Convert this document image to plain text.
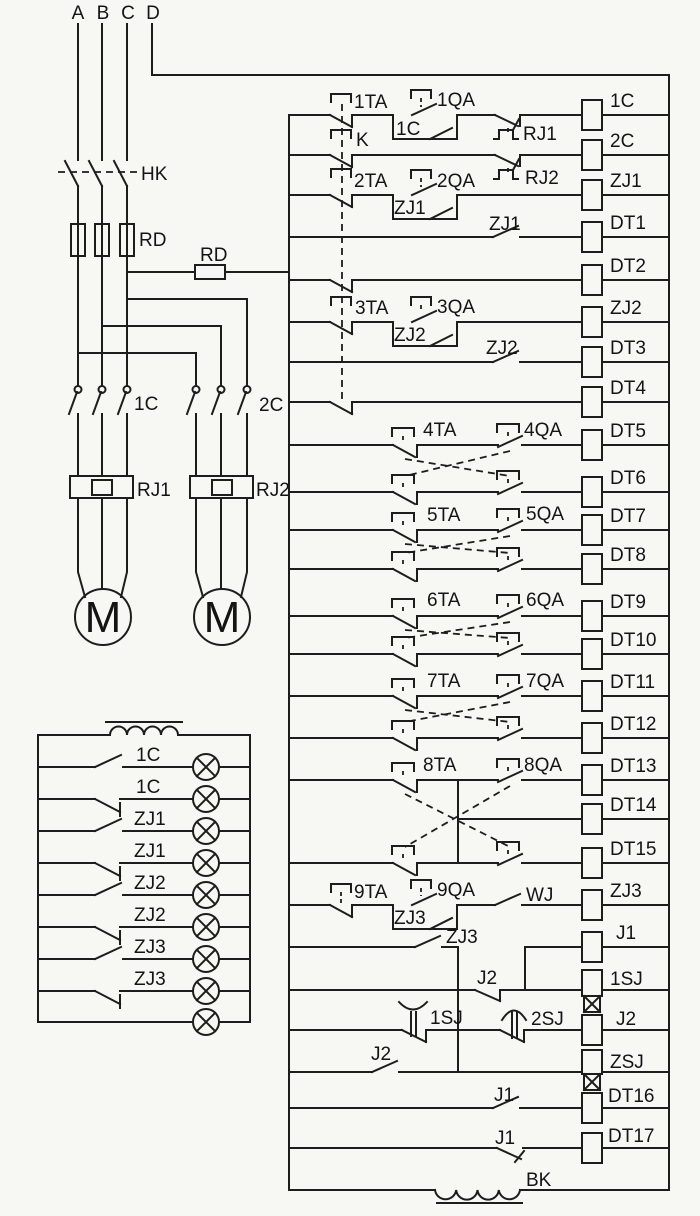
A B C D
HK
RD
RD
1C	2C
RJ1	RJ2
M M
1TA	1QA
1C
K	RJ1
RJ2
2TA	2QA
ZJ1
ZJ1
3TA	3QA
ZJ2
ZJ2
4TA	4QA
5TA	5QA
6TA	6QA
7TA	7QA
8TA	8QA
9TA	9QA
ZJ3
WJ
ZJ3
J2
1SJ	2SJ
J2
J1
J1
BK
1C
2C
ZJ1
DT1
DT2
ZJ2
DT3
DT4
DT5
DT6
DT7
DT8
DT9
DT10
DT11
DT12
DT13
DT14
DT15
ZJ3
J1
1SJ
J2
ZSJ
DT16
DT17
1C
1C
ZJ1
ZJ1
ZJ2
ZJ2
ZJ3
ZJ3
